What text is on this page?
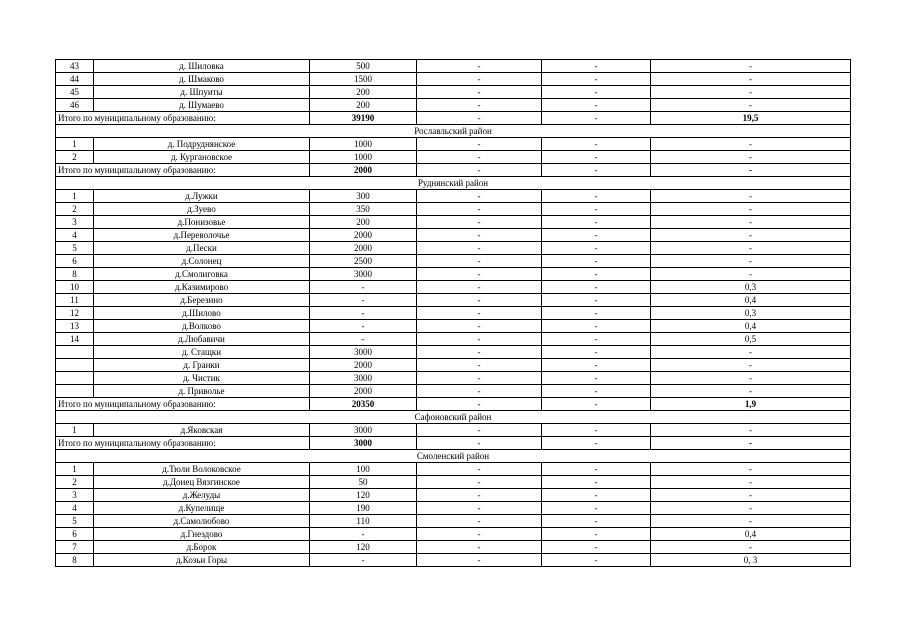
43	д. Шиловка	500	-	-	-
44	д. Шмаково	1500	-	-	-
45	д. Шпуиты	200	-	-	-
46	д. Шумаево	200	-	-	-
Итого по муниципальному образованию:		39190	-	-	19,5
Рославльский район					
1	д. Подруднянское	1000	-	-	-
2	д. Кургановское	1000	-	-	-
Итого по муниципальному образованию:		2000	-	-	-
Руднянский район					
1	д.Лужки	300	-	-	-
2	д.Зуево	350	-	-	-
3	д.Понизовье	200	-	-	-
4	д.Переволочье	2000	-	-	-
5	д.Пески	2000	-	-	-
6	д.Солонец	2500	-	-	-
8	д.Смолиговка	3000	-	-	-
10	д.Казимирово	-	-	-	0,3
11	д.Березино	-	-	-	0,4
12	д.Шилово	-	-	-	0,3
13	д.Волково	-	-	-	0,4
14	д.Любавичи	-	-	-	0,5
	д. Стащки	3000	-	-	-
	д. Гранки	2000	-	-	-
	д. Чистик	3000	-	-	-
	д. Приволье	2000	-	-	-
Итого по муниципальному образованию:		20350	-	-	1,9
Сафоновский район					
1	д.Яковская	3000	-	-	-
Итого по муниципальному образованию:		3000	-	-	-
Смоленский район					
1	д.Тюли Волоковское	100	-	-	-
2	д.Донец Вязгинское	50	-	-	-
3	д.Желуды	120	-	-	-
4	д.Купелище	190	-	-	-
5	д.Самолюбово	110	-	-	-
6	д.Гнездово	-	-	-	0,4
7	д.Борок	120	-	-	-
8	д.Козьи Горы	-	-	-	0, 3
